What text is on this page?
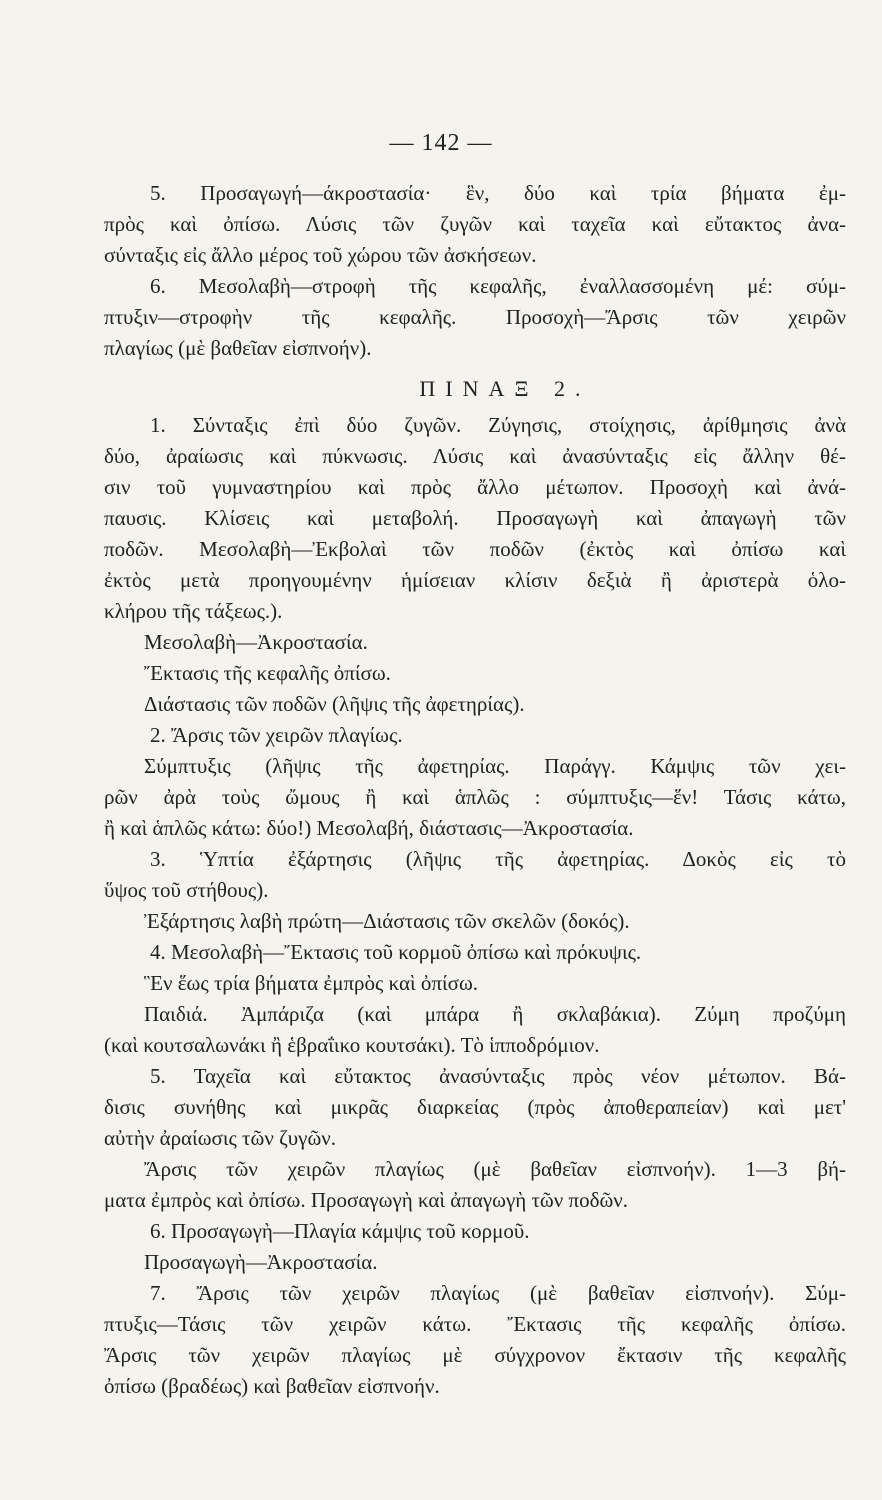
— 142 —
5. Προσαγωγή—άκροστασία· ἓν, δύο καὶ τρία βήματα ἐμ-
πρὸς καὶ ὀπίσω. Λύσις τῶν ζυγῶν καὶ ταχεῖα καὶ εὔτακτος ἀνα-
σύνταξις εἰς ἄλλο μέρος τοῦ χώρου τῶν ἀσκήσεων.
6. Μεσολαβὴ—στροφὴ τῆς κεφαλῆς, ἐναλλασσομένη μέ: σύμ-
πτυξιν—στροφὴν τῆς κεφαλῆς. Προσοχὴ—Ἄρσις τῶν χειρῶν
πλαγίως (μὲ βαθεῖαν εἰσπνοήν).
ΠΙΝΑΞ 2.
1. Σύνταξις ἐπὶ δύο ζυγῶν. Ζύγησις, στοίχησις, ἀρίθμησις ἀνὰ
δύο, ἀραίωσις καὶ πύκνωσις. Λύσις καὶ ἀνασύνταξις εἰς ἄλλην θέ-
σιν τοῦ γυμναστηρίου καὶ πρὸς ἄλλο μέτωπον. Προσοχὴ καὶ ἀνά-
παυσις. Κλίσεις καὶ μεταβολή. Προσαγωγὴ καὶ ἀπαγωγὴ τῶν
ποδῶν. Μεσολαβὴ—Ἐκβολαὶ τῶν ποδῶν (ἐκτὸς καὶ ὀπίσω καὶ
ἐκτὸς μετὰ προηγουμένην ἡμίσειαν κλίσιν δεξιὰ ἢ ἀριστερὰ ὁλο-
κλήρου τῆς τάξεως.).
Μεσολαβὴ—Ἀκροστασία.
Ἔκτασις τῆς κεφαλῆς ὀπίσω.
Διάστασις τῶν ποδῶν (λῆψις τῆς ἀφετηρίας).
2. Ἄρσις τῶν χειρῶν πλαγίως.
Σύμπτυξις (λῆψις τῆς ἀφετηρίας. Παράγγ. Κάμψις τῶν χει-
ρῶν ἀρὰ τοὺς ὤμους ἢ καὶ ἁπλῶς : σύμπτυξις—ἕν! Τάσις κάτω,
ἢ καὶ ἁπλῶς κάτω: δύο!) Μεσολαβή, διάστασις—Ἀκροστασία.
3. Ὑπτία ἐξάρτησις (λῆψις τῆς ἀφετηρίας. Δοκὸς εἰς τὸ
ὕψος τοῦ στήθους).
Ἐξάρτησις λαβὴ πρώτη—Διάστασις τῶν σκελῶν (δοκός).
4. Μεσολαβὴ—Ἔκτασις τοῦ κορμοῦ ὀπίσω καὶ πρόκυψις.
Ἓν ἕως τρία βήματα ἐμπρὸς καὶ ὀπίσω.
Παιδιά. Ἀμπάριζα (καὶ μπάρα ἢ σκλαβάκια). Ζύμη προζύμη
(καὶ κουτσαλωνάκι ἢ ἑβραΐικο κουτσάκι). Τὸ ἱπποδρόμιον.
5. Ταχεῖα καὶ εὔτακτος ἀνασύνταξις πρὸς νέον μέτωπον. Βά-
δισις συνήθης καὶ μικρᾶς διαρκείας (πρὸς ἀποθεραπείαν) καὶ μετ'
αὐτὴν ἀραίωσις τῶν ζυγῶν.
Ἄρσις τῶν χειρῶν πλαγίως (μὲ βαθεῖαν εἰσπνοήν). 1—3 βή-
ματα ἐμπρὸς καὶ ὀπίσω. Προσαγωγὴ καὶ ἀπαγωγὴ τῶν ποδῶν.
6. Προσαγωγὴ—Πλαγία κάμψις τοῦ κορμοῦ.
Προσαγωγὴ—Ἀκροστασία.
7. Ἄρσις τῶν χειρῶν πλαγίως (μὲ βαθεῖαν εἰσπνοήν). Σύμ-
πτυξις—Τάσις τῶν χειρῶν κάτω. Ἔκτασις τῆς κεφαλῆς ὀπίσω.
Ἄρσις τῶν χειρῶν πλαγίως μὲ σύγχρονον ἔκτασιν τῆς κεφαλῆς
ὀπίσω (βραδέως) καὶ βαθεῖαν εἰσπνοήν.
